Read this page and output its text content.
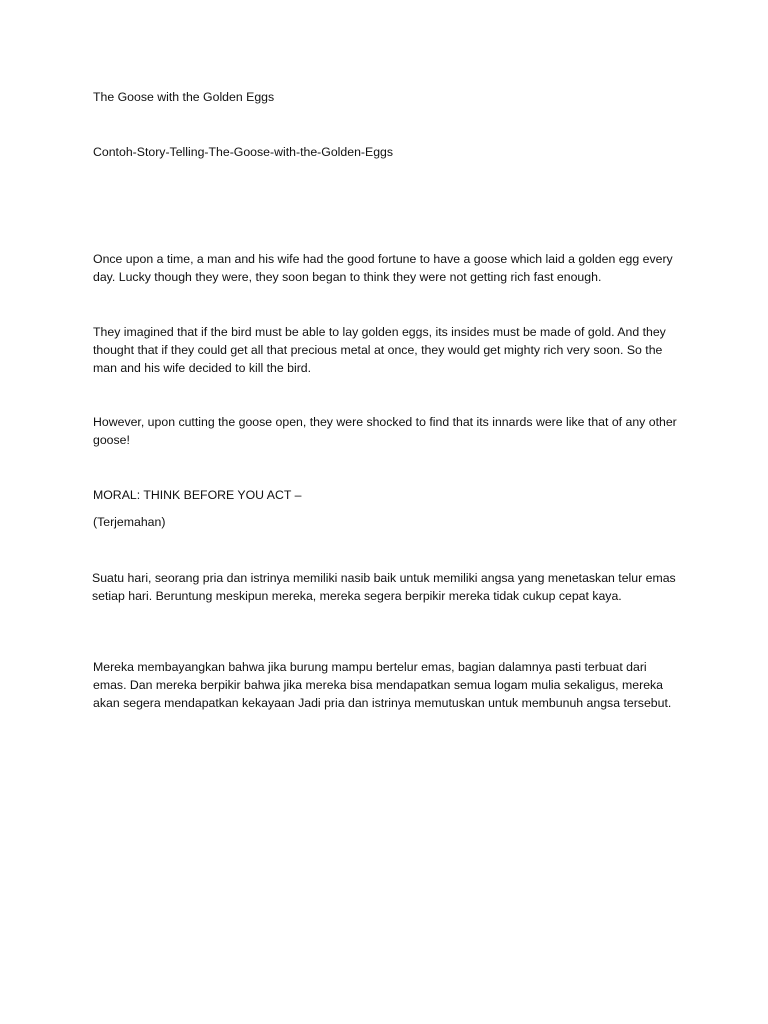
The Goose with the Golden Eggs

Contoh-Story-Telling-The-Goose-with-the-Golden-Eggs

Once upon a time, a man and his wife had the good fortune to have a goose which laid a golden egg every day. Lucky though they were, they soon began to think they were not getting rich fast enough.

They imagined that if the bird must be able to lay golden eggs, its insides must be made of gold. And they thought that if they could get all that precious metal at once, they would get mighty rich very soon. So the man and his wife decided to kill the bird.

However, upon cutting the goose open, they were shocked to find that its innards were like that of any other goose!

MORAL: THINK BEFORE YOU ACT –

(Terjemahan)

Suatu hari, seorang pria dan istrinya memiliki nasib baik untuk memiliki angsa yang menetaskan telur emas setiap hari. Beruntung meskipun mereka, mereka segera berpikir mereka tidak cukup cepat kaya.

Mereka membayangkan bahwa jika burung mampu bertelur emas, bagian dalamnya pasti terbuat dari emas. Dan mereka berpikir bahwa jika mereka bisa mendapatkan semua logam mulia sekaligus, mereka akan segera mendapatkan kekayaan Jadi pria dan istrinya memutuskan untuk membunuh angsa tersebut.
